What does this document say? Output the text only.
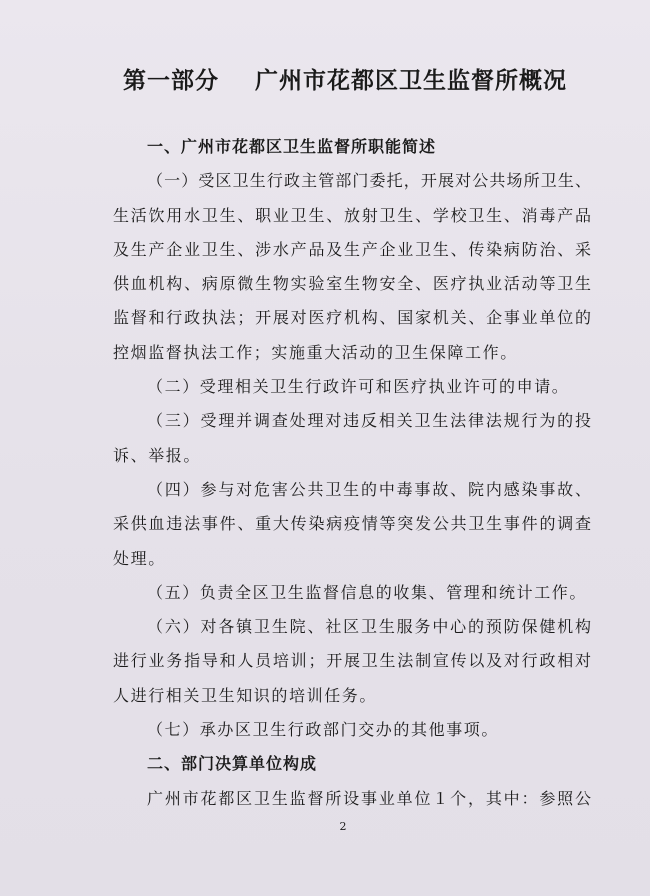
第一部分    广州市花都区卫生监督所概况
一、广州市花都区卫生监督所职能简述
（一）受区卫生行政主管部门委托，开展对公共场所卫生、
生活饮用水卫生、职业卫生、放射卫生、学校卫生、消毒产品
及生产企业卫生、涉水产品及生产企业卫生、传染病防治、采
供血机构、病原微生物实验室生物安全、医疗执业活动等卫生
监督和行政执法；开展对医疗机构、国家机关、企事业单位的
控烟监督执法工作；实施重大活动的卫生保障工作。
（二）受理相关卫生行政许可和医疗执业许可的申请。
（三）受理并调查处理对违反相关卫生法律法规行为的投
诉、举报。
（四）参与对危害公共卫生的中毒事故、院内感染事故、
采供血违法事件、重大传染病疫情等突发公共卫生事件的调查
处理。
（五）负责全区卫生监督信息的收集、管理和统计工作。
（六）对各镇卫生院、社区卫生服务中心的预防保健机构
进行业务指导和人员培训；开展卫生法制宣传以及对行政相对
人进行相关卫生知识的培训任务。
（七）承办区卫生行政部门交办的其他事项。
二、部门决算单位构成
广州市花都区卫生监督所设事业单位１个，其中：参照公
2
